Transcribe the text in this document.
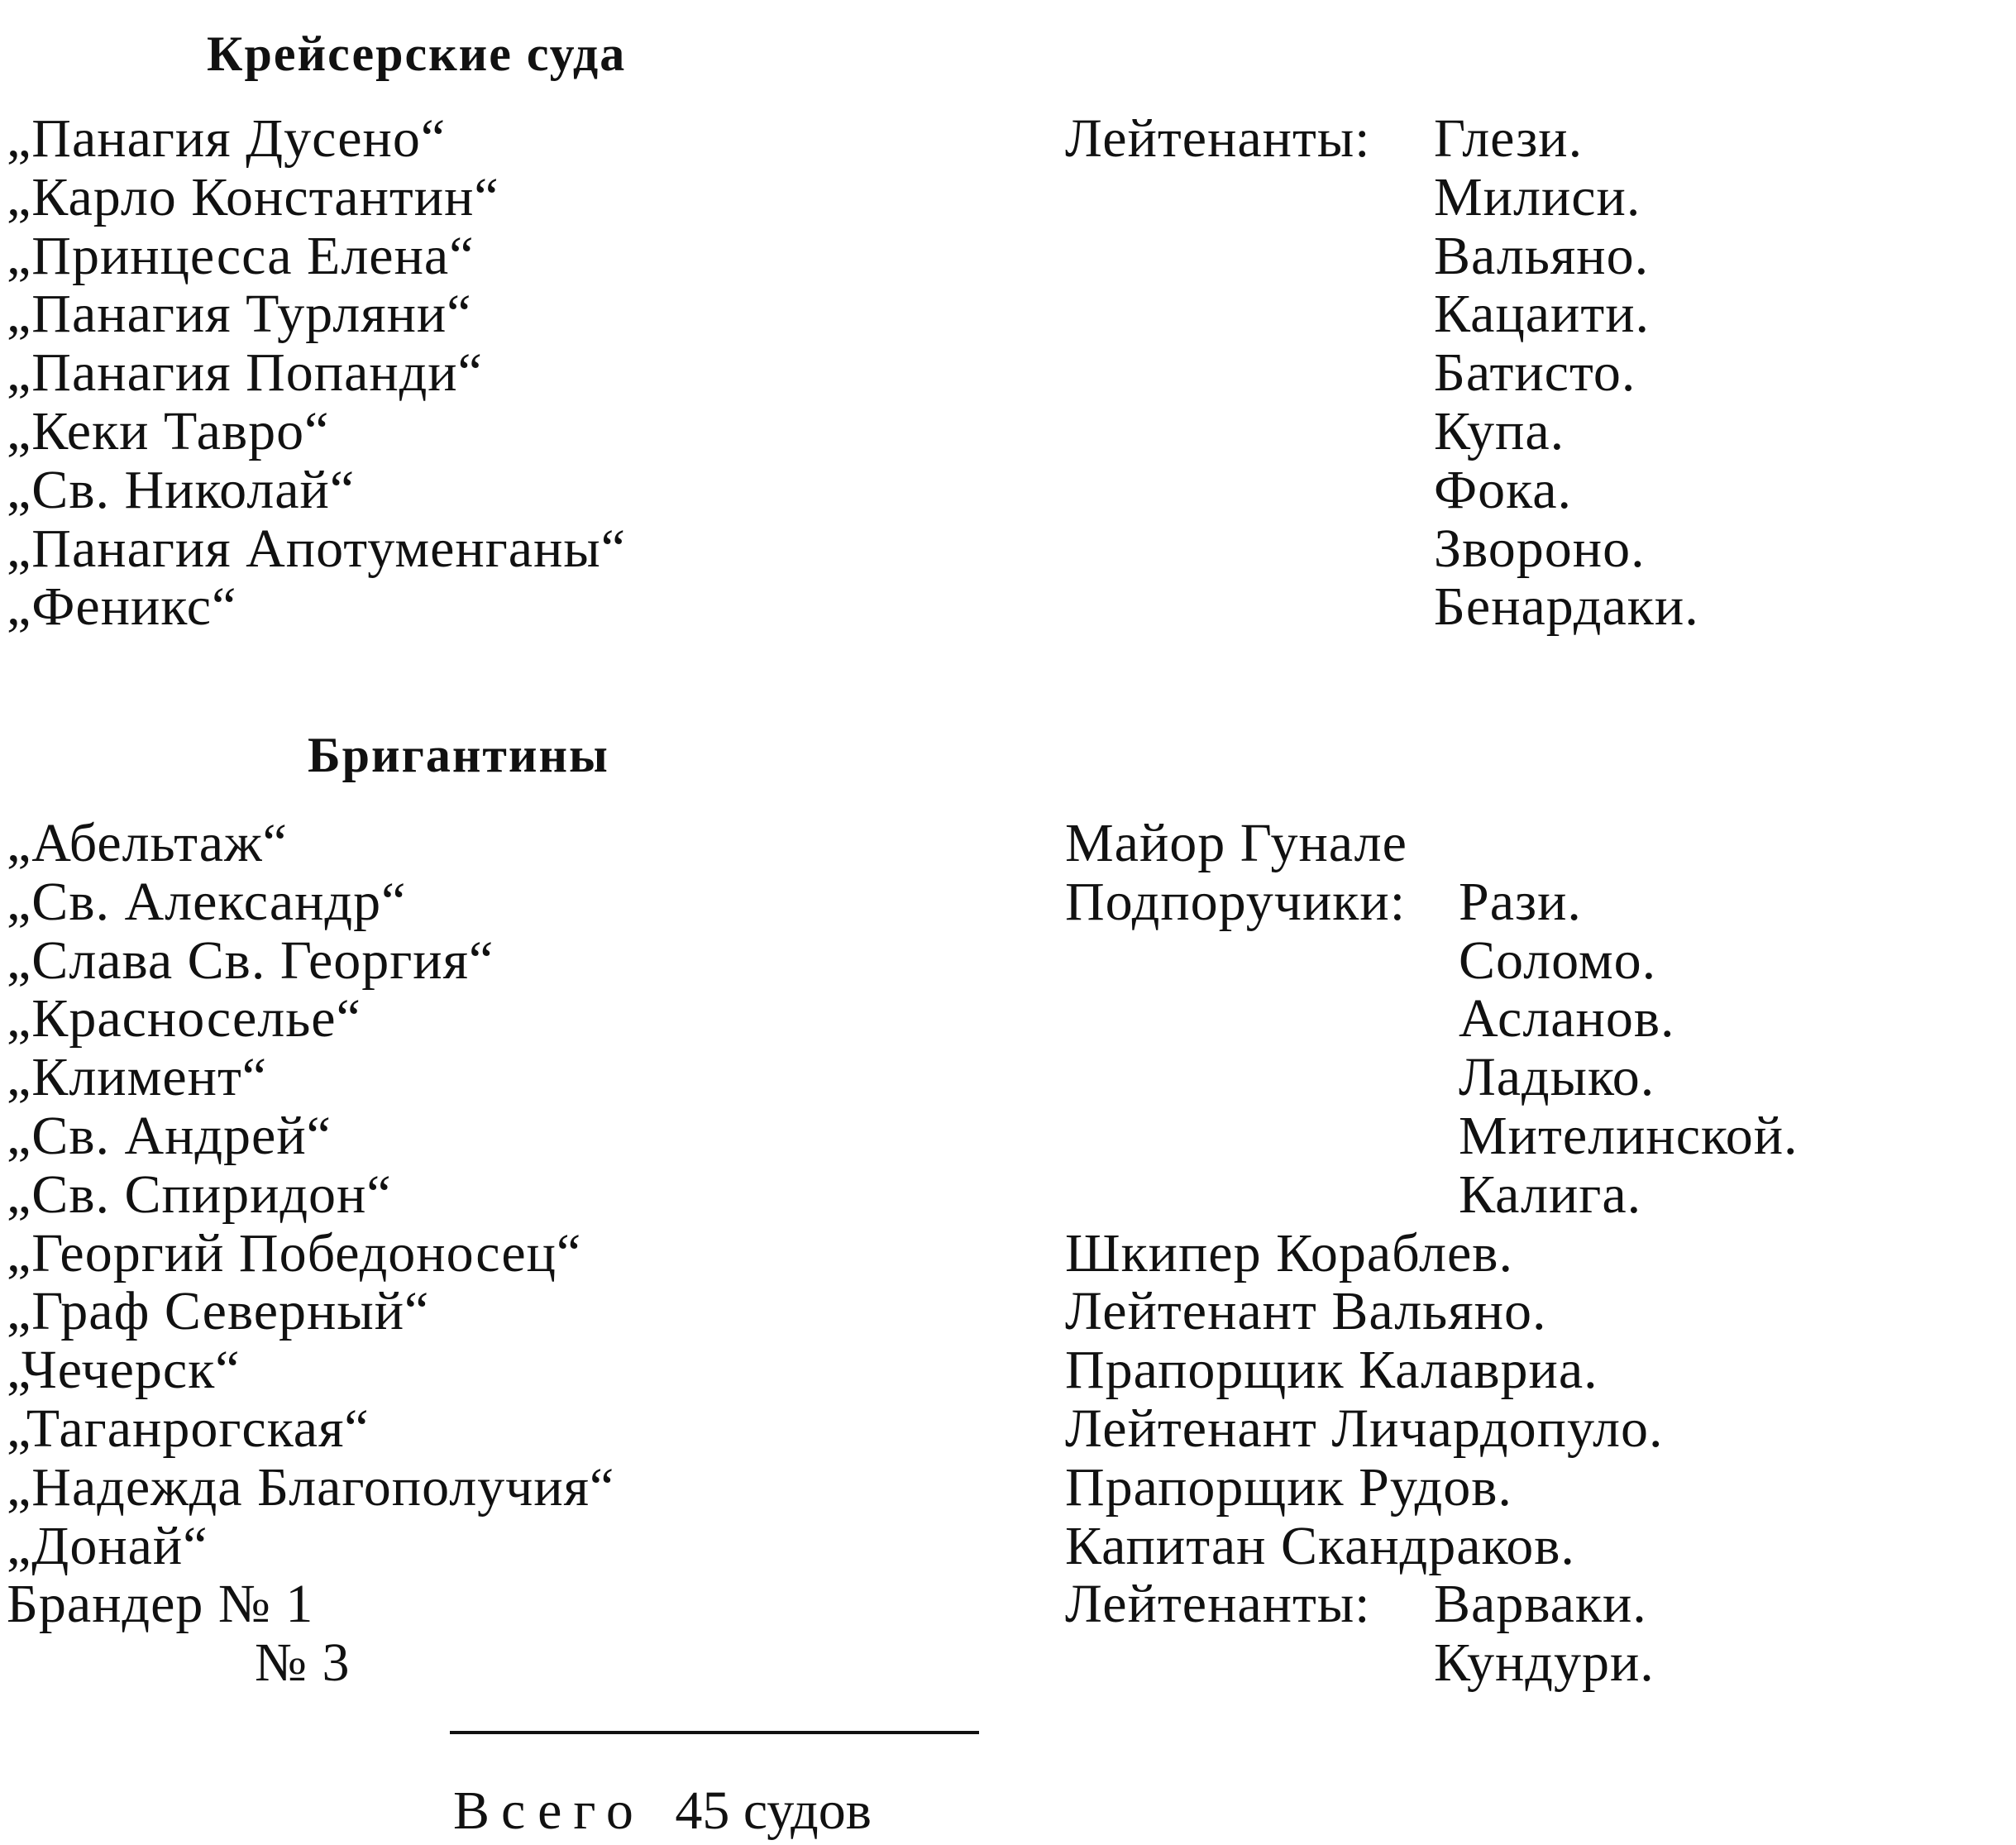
Крейсерские суда
„Панагия Дусено“
„Карло Константин“
„Принцесса Елена“
„Панагия Турляни“
„Панагия Попанди“
„Кеки Тавро“
„Св. Николай“
„Панагия Апотуменганы“
„Феникс“
Лейтенанты: Глези.
Милиси.
Вальяно.
Кацаити.
Батисто.
Купа.
Фока.
Звороно.
Бенардаки.
Бригантины
„Абельтаж“
„Св. Александр“
„Слава Св. Георгия“
„Красноселье“
„Климент“
„Св. Андрей“
„Св. Спиридон“
„Георгий Победоносец“
„Граф Северный“
„Чечерск“
„Таганрогская“
„Надежда Благополучия“
„Донай“
Брандер № 1
№ 3
Майор Гунале
Подпоручики: Рази.
Соломо.
Асланов.
Ладыко.
Мителинской.
Калига.
Шкипер Кораблев.
Лейтенант Вальяно.
Прапорщик Калавриа.
Лейтенант Личардопуло.
Прапорщик Рудов.
Капитан Скандраков.
Лейтенанты: Варваки.
Кундури.
Всего 45 судов
